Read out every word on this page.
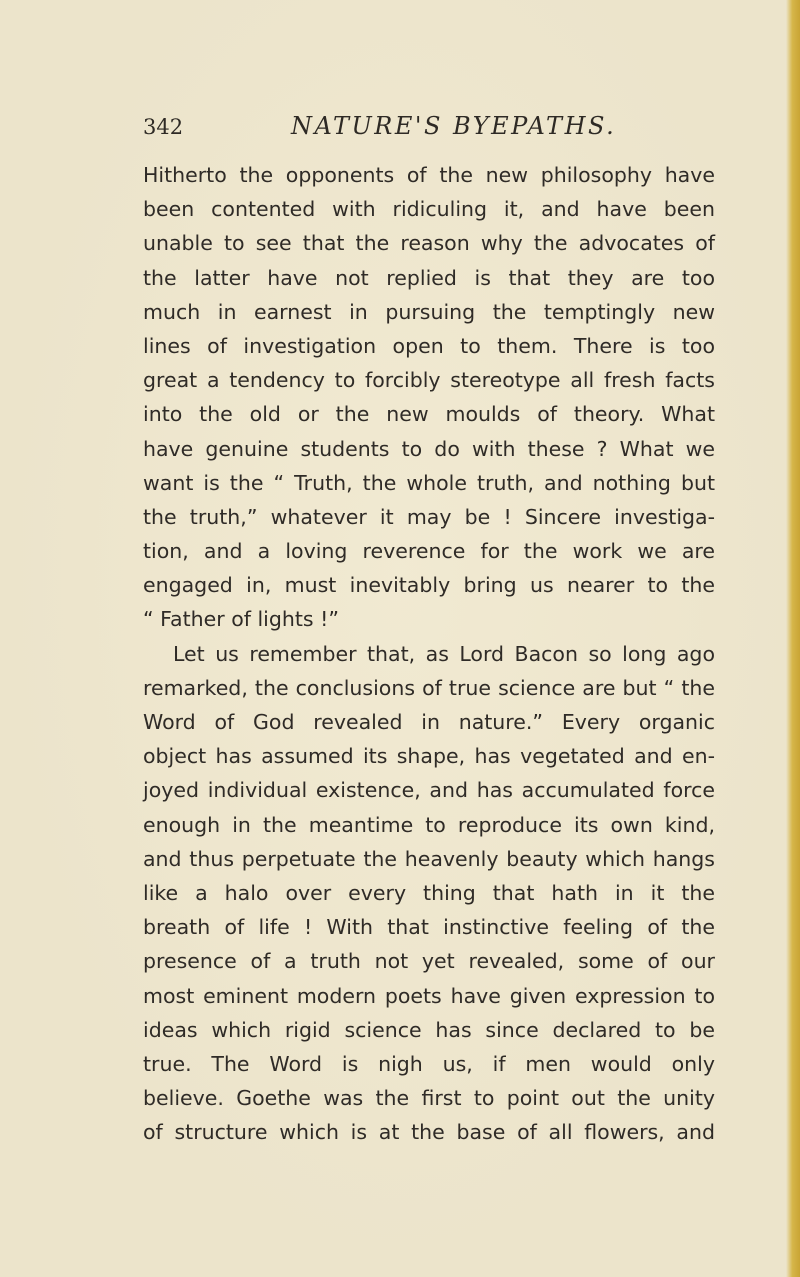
342	NATURE'S BYEPATHS.
Hitherto the opponents of the new philosophy have
been contented with ridiculing it, and have been
unable to see that the reason why the advocates of
the latter have not replied is that they are too
much in earnest in pursuing the temptingly new
lines of investigation open to them. There is too
great a tendency to forcibly stereotype all fresh facts
into the old or the new moulds of theory. What
have genuine students to do with these ? What we
want is the “ Truth, the whole truth, and nothing but
the truth,” whatever it may be ! Sincere investiga-
tion, and a loving reverence for the work we are
engaged in, must inevitably bring us nearer to the
“ Father of lights !”
Let us remember that, as Lord Bacon so long ago
remarked, the conclusions of true science are but “ the
Word of God revealed in nature.” Every organic
object has assumed its shape, has vegetated and en-
joyed individual existence, and has accumulated force
enough in the meantime to reproduce its own kind,
and thus perpetuate the heavenly beauty which hangs
like a halo over every thing that hath in it the
breath of life ! With that instinctive feeling of the
presence of a truth not yet revealed, some of our
most eminent modern poets have given expression to
ideas which rigid science has since declared to be
true. The Word is nigh us, if men would only
believe. Goethe was the first to point out the unity
of structure which is at the base of all flowers, and
